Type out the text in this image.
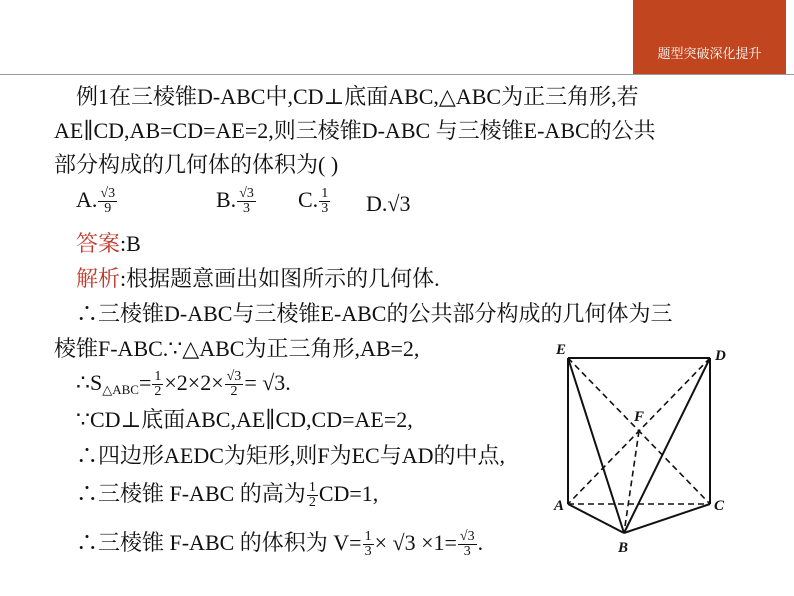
题型突破深化提升
例1在三棱锥D-ABC中,CD⊥底面ABC,△ABC为正三角形,若
AE∥CD,AB=CD=AE=2,则三棱锥D-ABC 与三棱锥E-ABC的公共
部分构成的几何体的体积为( )
A. $\frac{√3}{9}$	B. $\frac{√3}{3} C$. $\frac{1}{3} D.√3$
答案:B
解析:根据题意画出如图所示的几何体.
∴三棱锥D-ABC与三棱锥E-ABC的公共部分构成的几何体为三
棱锥F-ABC.∵△ABC为正三角形,AB=2,
$\therefore S_{\triangle ABC}= \frac{1}{2} \times 2\times 2\times \frac{√3}{2} = √3$.
∵CD⊥底面ABC,AE∥CD,CD=AE=2,
∴四边形AEDC为矩形,则F为EC与AD的中点,
∴三棱锥 F-ABC 的高为 $\frac{1}{2} CD=1$,
∴三棱锥 F-ABC 的体积为 $V= \frac{1}{3} \times √3 \times 1= \frac{√3}{3}$ .
E	D
F
A	C
B
